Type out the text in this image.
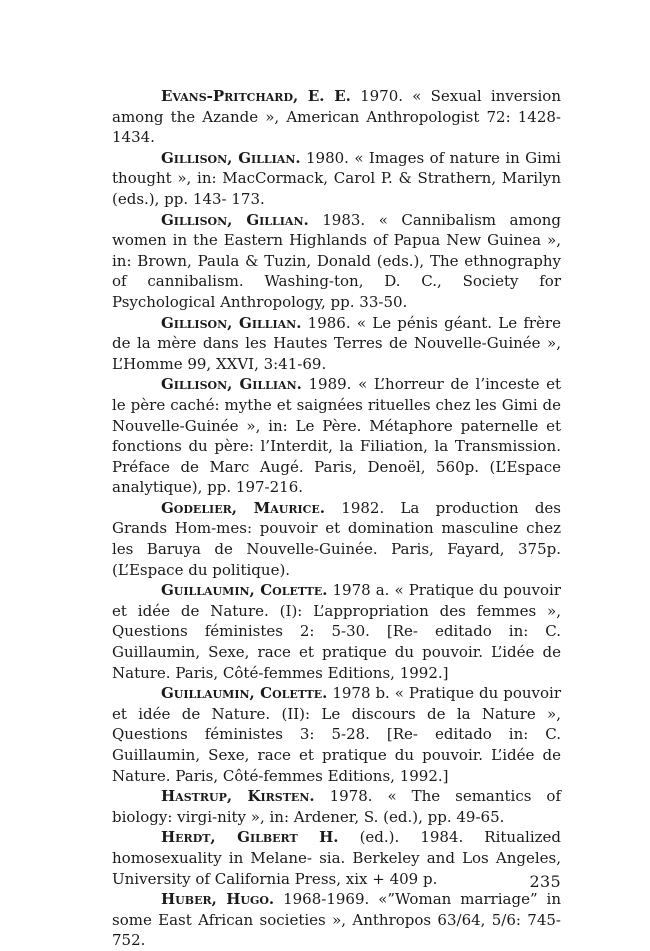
Evans-Pritchard, E. E. 1970. « Sexual inversion among the Azande », American Anthropologist 72: 1428-1434.

Gillison, Gillian. 1980. « Images of nature in Gimi thought », in: MacCormack, Carol P. & Strathern, Marilyn (eds.), pp. 143- 173.

Gillison, Gillian. 1983. « Cannibalism among women in the Eastern Highlands of Papua New Guinea », in: Brown, Paula & Tuzin, Donald (eds.), The ethnography of cannibalism. Washing-ton, D. C., Society for Psychological Anthropology, pp. 33-50.

Gillison, Gillian. 1986. « Le pénis géant. Le frère de la mère dans les Hautes Terres de Nouvelle-Guinée », L’Homme 99, XXVI, 3:41-69.

Gillison, Gillian. 1989. « L’horreur de l’inceste et le père caché: mythe et saignées rituelles chez les Gimi de Nouvelle-Guinée », in: Le Père. Métaphore paternelle et fonctions du père: l’Interdit, la Filiation, la Transmission. Préface de Marc Augé. Paris, Denoël, 560p. (L’Espace analytique), pp. 197-216.

Godelier, Maurice. 1982. La production des Grands Hom-mes: pouvoir et domination masculine chez les Baruya de Nouvelle-Guinée. Paris, Fayard, 375p. (L’Espace du politique).

Guillaumin, Colette. 1978 a. « Pratique du pouvoir et idée de Nature. (I): L’appropriation des femmes », Questions féministes 2: 5-30. [Re- editado in: C. Guillaumin, Sexe, race et pratique du pouvoir. L’idée de Nature. Paris, Côté-femmes Editions, 1992.]

Guillaumin, Colette. 1978 b. « Pratique du pouvoir et idée de Nature. (II): Le discours de la Nature », Questions féministes 3: 5-28. [Re- editado in: C. Guillaumin, Sexe, race et pratique du pouvoir. L’idée de Nature. Paris, Côté-femmes Editions, 1992.]

Hastrup, Kirsten. 1978. « The semantics of biology: virgi-nity », in: Ardener, S. (ed.), pp. 49-65.

Herdt, Gilbert H. (ed.). 1984. Ritualized homosexuality in Melane- sia. Berkeley and Los Angeles, University of California Press, xix + 409 p.

Huber, Hugo. 1968-1969. «”Woman marriage” in some East African societies », Anthropos 63/64, 5/6: 745-752.

235
